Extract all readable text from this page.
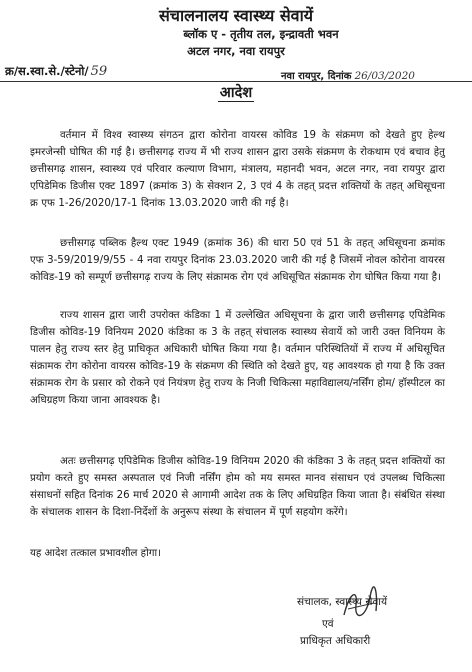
संचालनालय स्वास्थ्य सेवायें
ब्लॉक ए - तृतीय तल, इन्द्रावती भवन
अटल नगर, नवा रायपुर
क्र/स.स्वा.से./स्टेनो/ 59	नवा रायपुर, दिनांक 26/03/2020
आदेश

वर्तमान में विश्व स्वास्थ्य संगठन द्वारा कोरोना वायरस कोविड 19 के संक्रमण को देखते हुए हेल्थ इमरजेन्सी घोषित की गई है। छत्तीसगढ़ राज्य में भी राज्य शासन द्वारा उसके संक्रमण के रोकथाम एवं बचाव हेतु छत्तीसगढ़ शासन, स्वास्थ्य एवं परिवार कल्याण विभाग, मंत्रालय, महानदी भवन, अटल नगर, नवा रायपुर द्वारा एपिडेमिक डिजीस एक्ट 1897 (क्रमांक 3) के सेक्शन 2, 3 एवं 4 के तहत् प्रदत्त शक्तियों के तहत् अधिसूचना क्र एफ 1-26/2020/17-1 दिनांक 13.03.2020 जारी की गई है।

छत्तीसगढ़ पब्लिक हैल्थ एक्ट 1949 (क्रमांक 36) की धारा 50 एवं 51 के तहत् अधिसूचना क्रमांक एफ 3-59/2019/9/55 - 4 नवा रायपुर दिनांक 23.03.2020 जारी की गई है जिसमें नोवल कोरोना वायरस कोविड-19 को सम्पूर्ण छत्तीसगढ़ राज्य के लिए संक्रामक रोग एवं अधिसूचित संक्रामक रोग घोषित किया गया है।

राज्य शासन द्वारा जारी उपरोक्त कंडिका 1 में उल्लेखित अधिसूचना के द्वारा जारी छत्तीसगढ़ एपिडेमिक डिजीस कोविड-19 विनियम 2020 कंडिका क 3 के तहत् संचालक स्वास्थ्य सेवायें को जारी उक्त विनियम के पालन हेतु राज्य स्तर हेतु प्राधिकृत अधिकारी घोषित किया गया है। वर्तमान परिस्थितियों में राज्य में अधिसूचित संक्रामक रोग कोरोना वायरस कोविड-19 के संक्रमण की स्थिति को देखते हुए, यह आवश्यक हो गया है कि उक्त संक्रामक रोग के प्रसार को रोकने एवं नियंत्रण हेतु राज्य के निजी चिकित्सा महाविद्यालय/नर्सिंग होम/ हॉस्पीटल का अधिग्रहण किया जाना आवश्यक है।

अतः छत्तीसगढ़ एपिडेमिक डिजीस कोविड-19 विनियम 2020 की कंडिका 3 के तहत् प्रदत्त शक्तियों का प्रयोग करते हुए समस्त अस्पताल एवं निजी नर्सिंग होम को मय समस्त मानव संसाधन एवं उपलब्ध चिकित्सा संसाधनों सहित दिनांक 26 मार्च 2020 से आगामी आदेश तक के लिए अधिग्रहित किया जाता है। संबंधित संस्था के संचालक शासन के दिशा-निर्देशों के अनुरूप संस्था के संचालन में पूर्ण सहयोग करेंगे।

यह आदेश तत्काल प्रभावशील होगा।
संचालक, स्वास्थ्य सेवायें
एवं
प्राधिकृत अधिकारी
